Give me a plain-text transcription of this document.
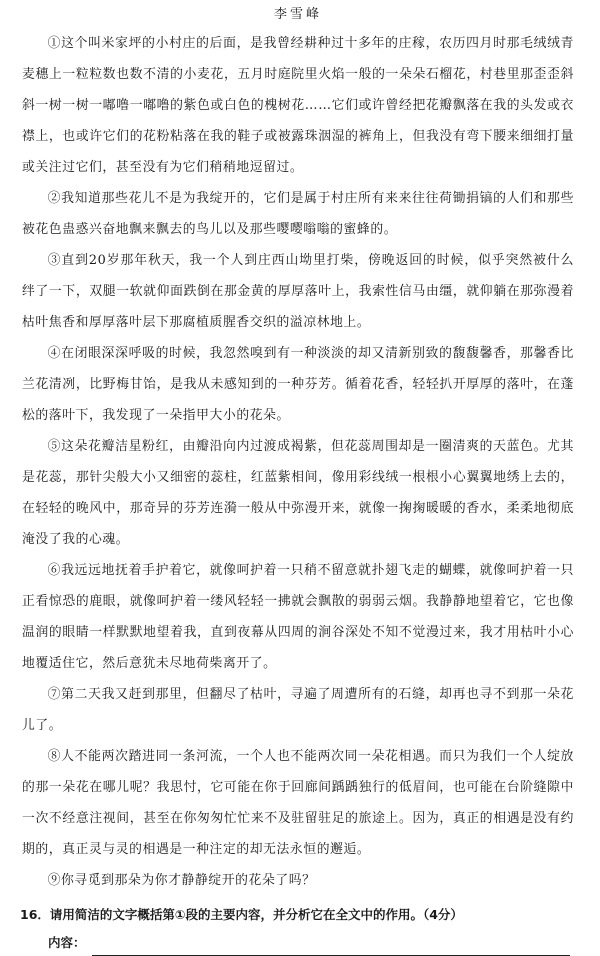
李雪峰

①这个叫米家坪的小村庄的后面，是我曾经耕种过十多年的庄稼，农历四月时那毛绒绒青麦穗上一粒粒数也数不清的小麦花，五月时庭院里火焰一般的一朵朵石榴花，村巷里那歪歪斜斜一树一树一嘟噜一嘟噜的紫色或白色的槐树花……它们或许曾经把花瓣飘落在我的头发或衣襟上，也或许它们的花粉粘落在我的鞋子或被露珠洇湿的裤角上，但我没有弯下腰来细细打量或关注过它们，甚至没有为它们稍稍地逗留过。

②我知道那些花儿不是为我绽开的，它们是属于村庄所有来来往往荷锄捐镐的人们和那些被花色蛊惑兴奋地飘来飘去的鸟儿以及那些嘤嘤嗡嗡的蜜蜂的。

③直到20岁那年秋天，我一个人到庄西山坳里打柴，傍晚返回的时候，似乎突然被什么绊了一下，双腿一软就仰面跌倒在那金黄的厚厚落叶上，我索性信马由缰，就仰躺在那弥漫着枯叶焦香和厚厚落叶层下那腐植质腥香交织的溢凉林地上。

④在闭眼深深呼吸的时候，我忽然嗅到有一种淡淡的却又清新别致的馥馥馨香，那馨香比兰花清冽，比野梅甘饴，是我从未感知到的一种芬芳。循着花香，轻轻扒开厚厚的落叶，在蓬松的落叶下，我发现了一朵指甲大小的花朵。

⑤这朵花瓣洁星粉红，由瓣沿向内过渡成褐紫，但花蕊周围却是一圈清爽的天蓝色。尤其是花蕊，那针尖般大小又细密的蕊柱，红蓝紫相间，像用彩线绒一根根小心翼翼地绣上去的，在轻轻的晚风中，那奇异的芬芳连漪一般从中弥漫开来，就像一掬掬暖暖的香水，柔柔地彻底淹没了我的心魂。

⑥我远远地抚着手护着它，就像呵护着一只稍不留意就扑翅飞走的蝴蝶，就像呵护着一只正看惊恐的鹿眼，就像呵护着一缕风轻轻一拂就会飘散的弱弱云烟。我静静地望着它，它也像温润的眼睛一样默默地望着我，直到夜幕从四周的涧谷深处不知不觉漫过来，我才用枯叶小心地覆适住它，然后意犹未尽地荷柴离开了。

⑦第二天我又赶到那里，但翻尽了枯叶，寻遍了周遭所有的石缝，却再也寻不到那一朵花儿了。

⑧人不能两次踏进同一条河流，一个人也不能两次同一朵花相遇。而只为我们一个人绽放的那一朵花在哪儿呢？我思忖，它可能在你于回廊间踽踽独行的低眉间，也可能在台阶缝隙中一次不经意注视间，甚至在你匆匆忙忙来不及驻留驻足的旅途上。因为，真正的相遇是没有约期的，真正灵与灵的相遇是一种注定的却无法永恒的邂逅。

⑨你寻觅到那朵为你才静静绽开的花朵了吗？

16．请用简洁的文字概括第①段的主要内容，并分析它在全文中的作用。（4分）
内容：
